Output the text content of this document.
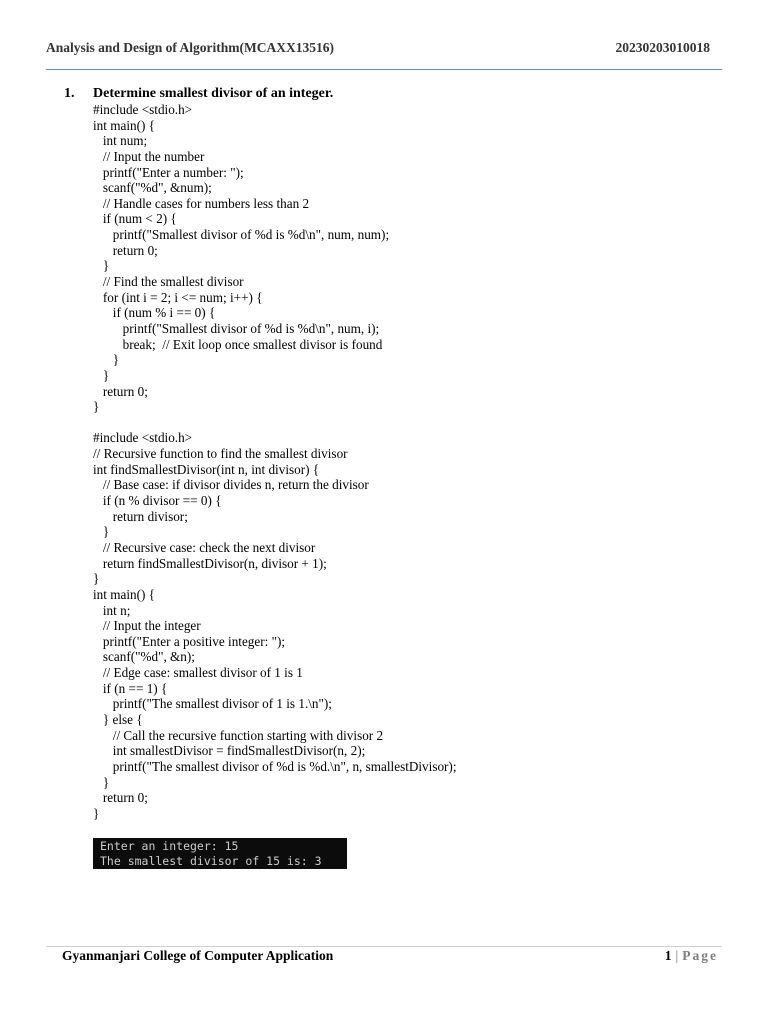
Analysis and Design of Algorithm(MCAXX13516)	20230203010018
1.	Determine smallest divisor of an integer.
#include <stdio.h>
int main() {
int num;
// Input the number
printf("Enter a number: ");
scanf("%d", &num);
// Handle cases for numbers less than 2
if (num < 2) {
printf("Smallest divisor of %d is %d\n", num, num);
return 0;
}
// Find the smallest divisor
for (int i = 2; i <= num; i++) {
if (num % i == 0) {
printf("Smallest divisor of %d is %d\n", num, i);
break;  // Exit loop once smallest divisor is found
}
}
return 0;
}
#include <stdio.h>
// Recursive function to find the smallest divisor
int findSmallestDivisor(int n, int divisor) {
// Base case: if divisor divides n, return the divisor
if (n % divisor == 0) {
return divisor;
}
// Recursive case: check the next divisor
return findSmallestDivisor(n, divisor + 1);
}
int main() {
int n;
// Input the integer
printf("Enter a positive integer: ");
scanf("%d", &n);
// Edge case: smallest divisor of 1 is 1
if (n == 1) {
printf("The smallest divisor of 1 is 1.\n");
} else {
// Call the recursive function starting with divisor 2
int smallestDivisor = findSmallestDivisor(n, 2);
printf("The smallest divisor of %d is %d.\n", n, smallestDivisor);
}
return 0;
}
Enter an integer: 15
The smallest divisor of 15 is: 3
Gyanmanjari College of Computer Application	1 | Page
